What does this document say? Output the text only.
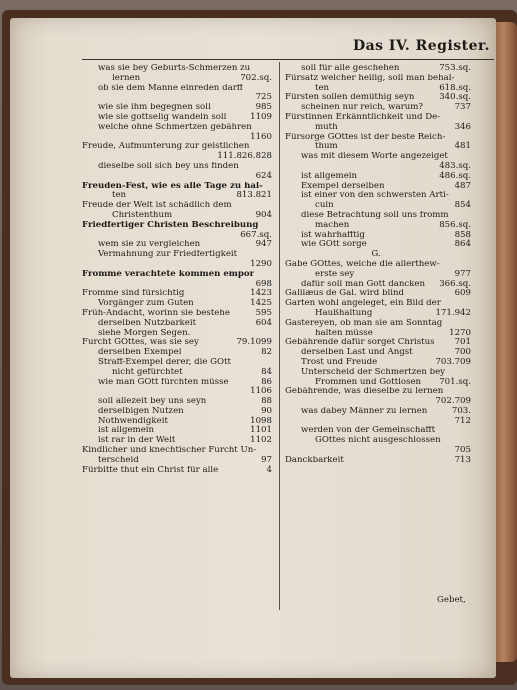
Das IV. Register.
was sie bey Geburts-Schmerzen zu
lernen	702.sq.
ob sie dem Manne einreden darff
725
wie sie ihm begegnen soll	985
wie sie gottselig wandeln soll	1109
welche ohne Schmertzen gebähren
1160
Freude, Aufmunterung zur geistlichen
111.826.828
dieselbe soll sich bey uns finden
624
Freuden-Fest, wie es alle Tage zu hal-
ten	813.821
Freude der Welt ist schädlich dem
Christenthum	904
Friedfertiger Christen Beschreibung
667.sq.
wem sie zu vergleichen	947
Vermahnung zur Friedfertigkeit
1290
Fromme verachtete kommen empor
698
Fromme sind fürsichtig	1423
Vorgänger zum Guten	1425
Früh-Andacht, worinn sie bestehe	595
derselben Nutzbarkeit	604
siehe Morgen Segen.
Furcht GOttes, was sie sey	79.1099
derselben Exempel	82
Straff-Exempel derer, die GOtt
nicht gefürchtet	84
wie man GOtt fürchten müsse	86
1106
soll allezeit bey uns seyn	88
derselbigen Nutzen	90
Nothwendigkeit	1098
ist allgemein	1101
ist rar in der Welt	1102
Kindlicher und knechtischer Furcht Un-
terscheid	97
Fürbitte thut ein Christ für alle	4
soll für alle geschehen	753.sq.
Fürsatz welcher heilig, soll man behal-
ten	618.sq.
Fürsten sollen demüthig seyn	340.sq.
scheinen nur reich, warum?	737
Fürstinnen Erkänntlichkeit und De-
muth	346
Fürsorge GOttes ist der beste Reich-
thum	481
was mit diesem Worte angezeiget
483.sq.
ist allgemein	486.sq.
Exempel derselben	487
ist einer von den schwersten Arti-
culn	854
diese Betrachtung soll uns fromm
machen	856.sq.
ist wahrhafftig	858
wie GOtt sorge	864
G.
Gabe GOttes, welche die allerthew-
erste sey	977
dafür soll man Gott dancken	366.sq.
Galilæus de Gal. wird blind	609
Garten wohl angeleget, ein Bild der
Haußhaltung	171.942
Gastereyen, ob man sie am Sonntag
halten müsse	1270
Gebährende dafür sorget Christus	701
derselben Last und Angst	700
Trost und Freude	703.709
Unterscheid der Schmertzen bey
Frommen und Gottlosen	701.sq.
Gebährende, was dieselbe zu lernen
702.709
was dabey Männer zu lernen	703.
712
werden von der Gemeinschafft
GOttes nicht ausgeschlossen
705
Danckbarkeit	713
Gebet,
